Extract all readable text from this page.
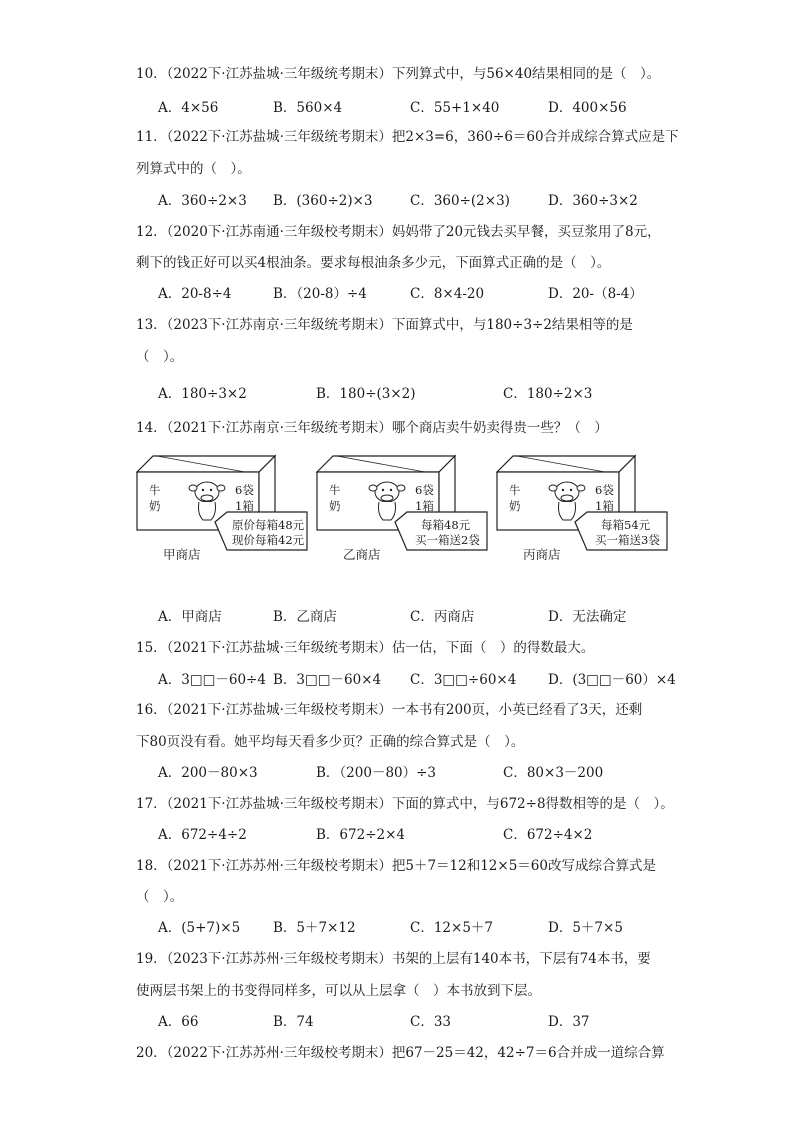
10．（2022下·江苏盐城·三年级统考期末）下列算式中，与56×40结果相同的是（　）。
A．4×56	B．560×4	C．55+1×40	D．400×56
11．（2022下·江苏盐城·三年级统考期末）把2×3=6，360÷6＝60合并成综合算式应是下
列算式中的（　）。
A．360÷2×3 B．(360÷2)×3	C．360÷(2×3)	D．360÷3×2
12．（2020下·江苏南通·三年级校考期末）妈妈带了20元钱去买早餐，买豆浆用了8元，
剩下的钱正好可以买4根油条。要求每根油条多少元，下面算式正确的是（　）。
A．20-8÷4	B．（20-8）÷4	C．8×4-20	D．20-（8-4）
13．（2023下·江苏南京·三年级统考期末）下面算式中，与180÷3÷2结果相等的是
（　）。
A．180÷3×2	B．180÷(3×2)	C．180÷2×3
14．（2021下·江苏南京·三年级统考期末）哪个商店卖牛奶卖得贵一些？（　）
牛
奶
6袋
1箱
原价每箱48元
现价每箱42元
甲商店
牛
奶
6袋
1箱
每箱48元
买一箱送2袋
乙商店
牛
奶
6袋
1箱
每箱54元
买一箱送3袋
丙商店
A．甲商店	B．乙商店	C．丙商店	D．无法确定
15．（2021下·江苏盐城·三年级统考期末）估一估，下面（　）的得数最大。
A．3□□－60÷4 B．3□□－60×4 C．3□□÷60×4 D．(3□□－60）×4
16．（2021下·江苏盐城·三年级校考期末）一本书有200页，小英已经看了3天，还剩
下80页没有看。她平均每天看多少页？正确的综合算式是（　）。
A．200－80×3	B．（200－80）÷3	C．80×3－200
17．（2021下·江苏盐城·三年级校考期末）下面的算式中，与672÷8得数相等的是（　）。
A．672÷4÷2	B．672÷2×4	C．672÷4×2
18．（2021下·江苏苏州·三年级校考期末）把5＋7＝12和12×5＝60改写成综合算式是
（　）。
A．(5+7)×5 B．5＋7×12	C．12×5＋7	D．5＋7×5
19．（2023下·江苏苏州·三年级校考期末）书架的上层有140本书，下层有74本书，要
使两层书架上的书变得同样多，可以从上层拿（　）本书放到下层。
A．66	B．74	C．33	D．37
20．（2022下·江苏苏州·三年级校考期末）把67－25＝42，42÷7＝6合并成一道综合算
